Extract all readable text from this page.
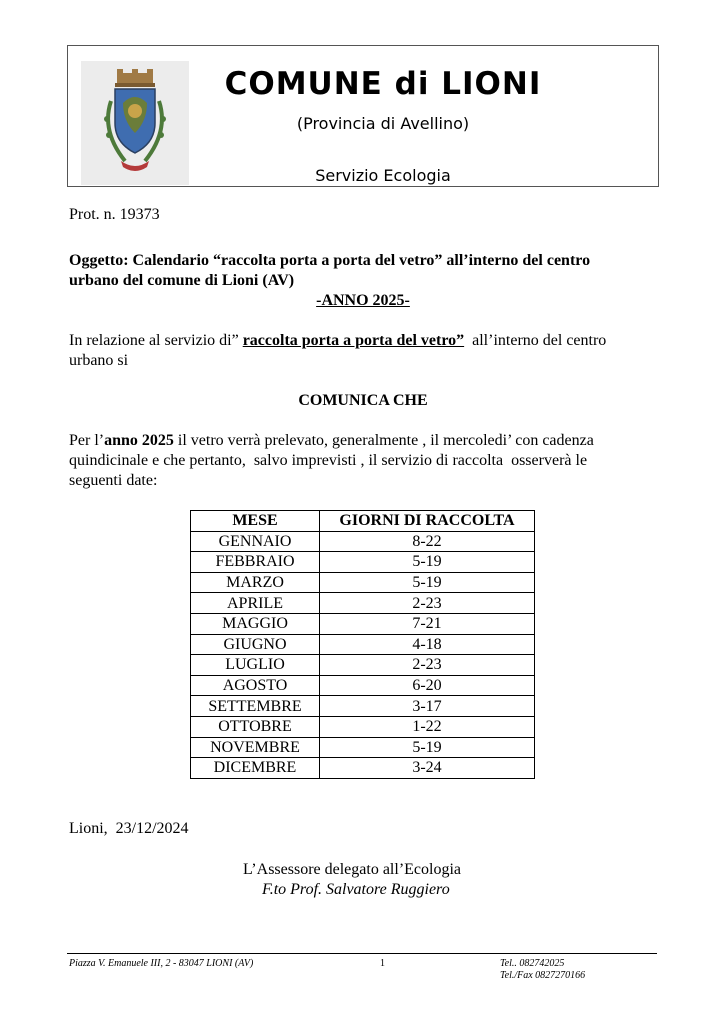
COMUNE di LIONI
(Provincia di Avellino)
Servizio Ecologia
Prot. n. 19373
Oggetto: Calendario “raccolta porta a porta del vetro” all’interno del centro
urbano del comune di Lioni (AV)
-ANNO 2025-
In relazione al servizio di” raccolta porta a porta del vetro” all’interno del centro
urbano si
COMUNICA CHE
Per l’anno 2025 il vetro verrà prelevato, generalmente , il mercoledi’ con cadenza
quindicinale e che pertanto,  salvo imprevisti , il servizio di raccolta  osserverà le
seguenti date:
MESE	GIORNI DI RACCOLTA
GENNAIO	8-22
FEBBRAIO	5-19
MARZO	5-19
APRILE	2-23
MAGGIO	7-21
GIUGNO	4-18
LUGLIO	2-23
AGOSTO	6-20
SETTEMBRE	3-17
OTTOBRE	1-22
NOVEMBRE	5-19
DICEMBRE	3-24
Lioni,  23/12/2024
L’Assessore delegato all’Ecologia
F.to Prof. Salvatore Ruggiero
Piazza V. Emanuele III, 2 - 83047 LIONI (AV)	1	Tel.. 082742025
Tel./Fax 0827270166
